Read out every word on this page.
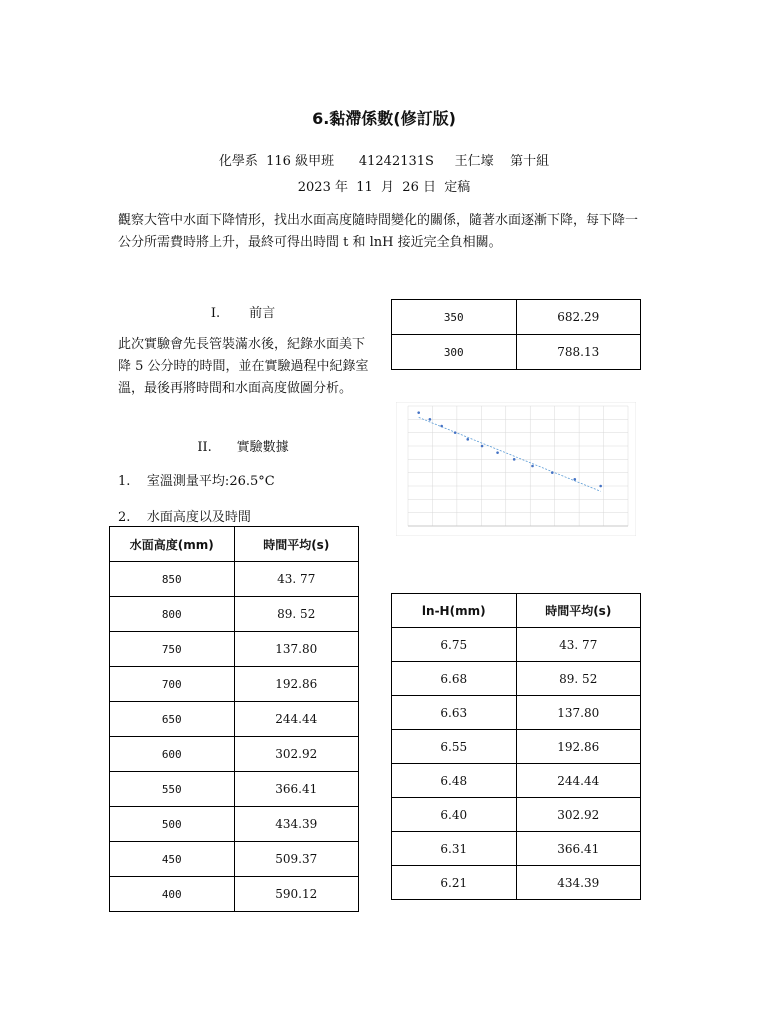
6.黏滯係數(修訂版)
化學系  116 級甲班      41242131S     王仁壕    第十組
2023 年  11  月  26 日  定稿
觀察大管中水面下降情形，找出水面高度隨時間變化的關係，隨著水面逐漸下降，每下降一公分所需費時將上升，最終可得出時間 t 和 lnH 接近完全負相關。
I.       前言
此次實驗會先長管裝滿水後，紀錄水面美下降 5 公分時的時間，並在實驗過程中紀錄室溫，最後再將時間和水面高度做圖分析。
II.      實驗數據
1.    室溫測量平均:26.5°C
2.    水面高度以及時間
350	682.29
300	788.13
水面高度(mm)	時間平均(s)
850	43. 77
800	89. 52
750	137.80
700	192.86
650	244.44
600	302.92
550	366.41
500	434.39
450	509.37
400	590.12
ln-H(mm)	時間平均(s)
6.75	43. 77
6.68	89. 52
6.63	137.80
6.55	192.86
6.48	244.44
6.40	302.92
6.31	366.41
6.21	434.39
